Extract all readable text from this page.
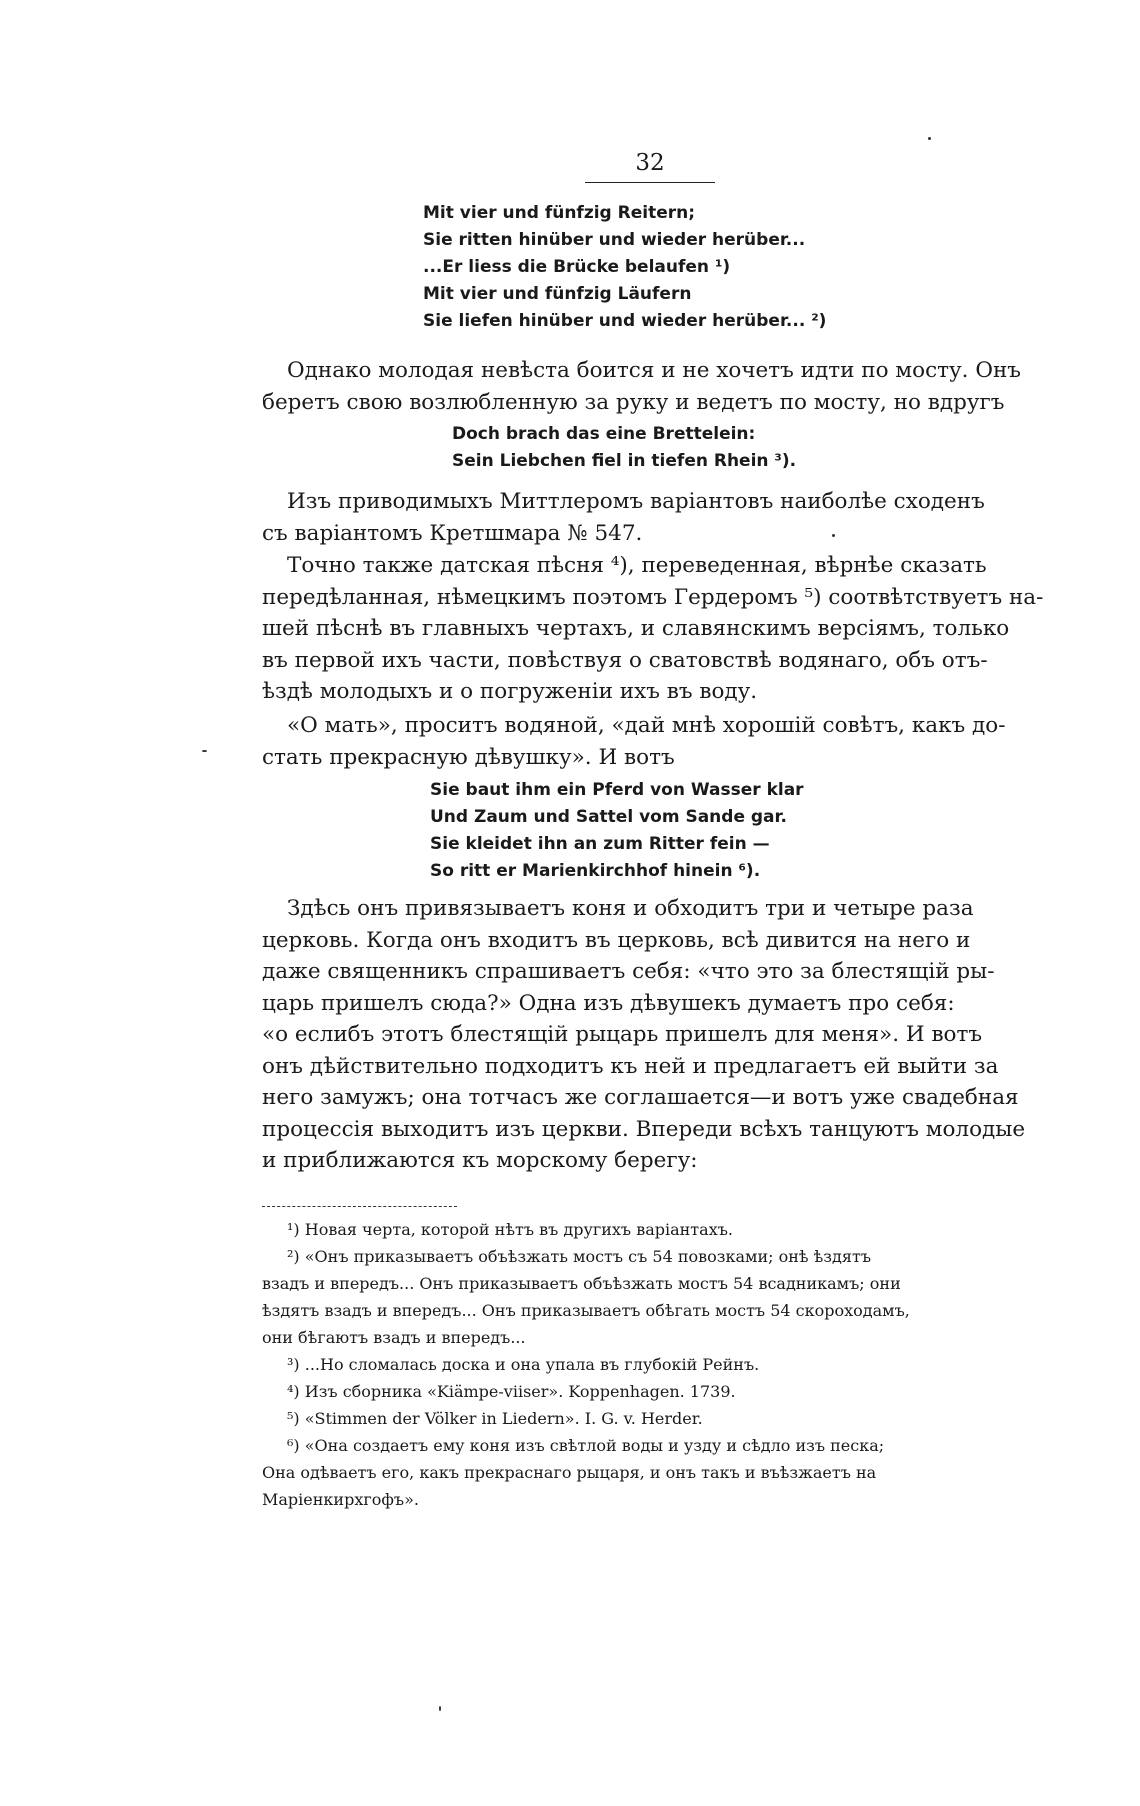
32
Mit vier und fünfzig Reitern;
Sie ritten hinüber und wieder herüber...
...Er liess die Brücke belaufen ¹)
Mit vier und fünfzig Läufern
Sie liefen hinüber und wieder herüber... ²)
Однако молодая невѣста боится и не хочетъ идти по мосту. Онъ
беретъ свою возлюбленную за руку и ведетъ по мосту, но вдругъ
Doch brach das eine Brettelein:
Sein Liebchen fiel in tiefen Rhein ³).
Изъ приводимыхъ Миттлеромъ варіантовъ наиболѣе сходенъ
съ варіантомъ Кретшмара № 547.
Точно также датская пѣсня ⁴), переведенная, вѣрнѣе сказать
передѣланная, нѣмецкимъ поэтомъ Гердеромъ ⁵) соотвѣтствуетъ на-
шей пѣснѣ въ главныхъ чертахъ, и славянскимъ версіямъ, только
въ первой ихъ части, повѣствуя о сватовствѣ водянаго, объ отъ-
ѣздѣ молодыхъ и о погруженіи ихъ въ воду.
«О мать», проситъ водяной, «дай мнѣ хорошій совѣтъ, какъ до-
стать прекрасную дѣвушку». И вотъ
Sie baut ihm ein Pferd von Wasser klar
Und Zaum und Sattel vom Sande gar.
Sie kleidet ihn an zum Ritter fein —
So ritt er Marienkirchhof hinein ⁶).
Здѣсь онъ привязываетъ коня и обходитъ три и четыре раза
церковь. Когда онъ входитъ въ церковь, всѣ дивится на него и
даже священникъ спрашиваетъ себя: «что это за блестящій ры-
царь пришелъ сюда?» Одна изъ дѣвушекъ думаетъ про себя:
«о еслибъ этотъ блестящій рыцарь пришелъ для меня». И вотъ
онъ дѣйствительно подходитъ къ ней и предлагаетъ ей выйти за
него замужъ; она тотчасъ же соглашается—и вотъ уже свадебная
процессія выходитъ изъ церкви. Впереди всѣхъ танцуютъ молодые
и приближаются къ морскому берегу:
¹) Новая черта, которой нѣтъ въ другихъ варіантахъ.
²) «Онъ приказываетъ объѣзжать мостъ съ 54 повозками; онѣ ѣздятъ
взадъ и впередъ... Онъ приказываетъ объѣзжать мостъ 54 всадникамъ; они
ѣздятъ взадъ и впередъ... Онъ приказываетъ обѣгать мостъ 54 скороходамъ,
они бѣгаютъ взадъ и впередъ...
³) ...Но сломалась доска и она упала въ глубокій Рейнъ.
⁴) Изъ сборника «Kiämpe-viiser». Koppenhagen. 1739.
⁵) «Stimmen der Völker in Liedern». I. G. v. Herder.
⁶) «Она создаетъ ему коня изъ свѣтлой воды и узду и сѣдло изъ песка;
Она одѣваетъ его, какъ прекраснаго рыцаря, и онъ такъ и въѣзжаетъ на
Маріенкирхгофъ».
